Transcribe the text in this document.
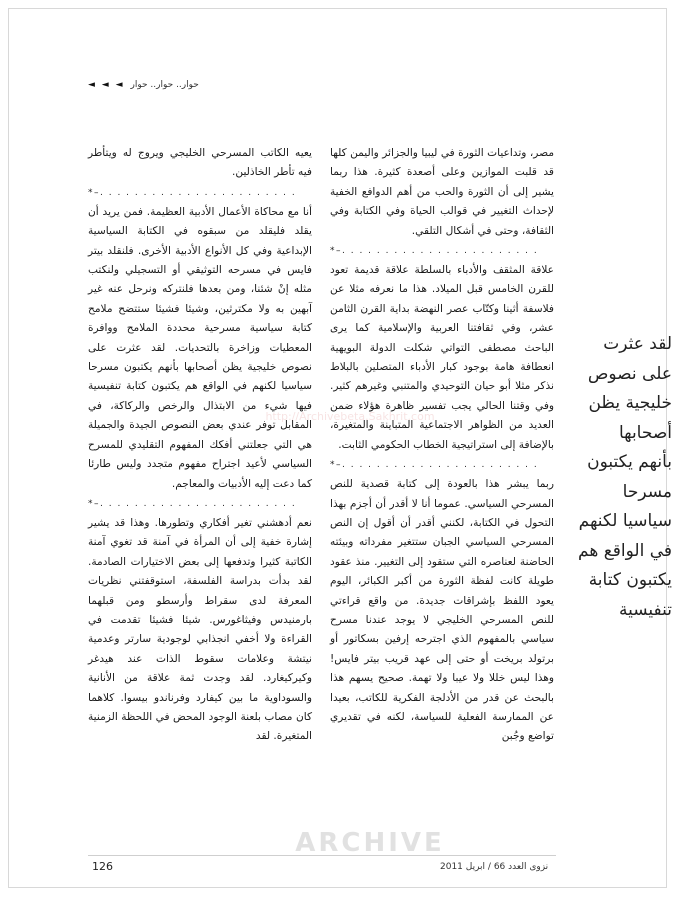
◄ ◄ ◄ حوار.. حوار.. حوار

يعيه الكاتب المسرحي الخليجي ويروج له ويتأطر فيه تأطر الخاذلين.

*–. . . . . . . . . . . . . . . . . . . . . . .

أنا مع محاكاة الأعمال الأدبية العظيمة. فمن يريد أن يقلد فليقلد من سبقوه في الكتابة السياسية الإبداعية وفي كل الأنواع الأدبية الأخرى. فلنقلد بيتر فايس في مسرحه التوثيقي أو التسجيلي ولنكتب مثله إنْ شئنا، ومن بعدها فلنتركه ونرحل عنه غير آبهين به ولا مكترثين، وشيئا فشيئا ستتضح ملامح كتابة سياسية مسرحية محددة الملامح ووافرة المعطيات وزاخرة بالتحديات. لقد عثرت على نصوص خليجية يظن أصحابها بأنهم يكتبون مسرحا سياسيا لكنهم في الواقع هم يكتبون كتابة تنفيسية فيها شيء من الابتذال والرخص والركاكة، في المقابل توفر عندي بعض النصوص الجيدة والجميلة هي التي جعلتني أفكك المفهوم التقليدي للمسرح السياسي لأعيد اجتراح مفهوم متجدد وليس طارئا كما دعت إليه الأدبيات والمعاجم.

*–. . . . . . . . . . . . . . . . . . . . . . .

نعم أدهشني تغير أفكاري وتطورها. وهذا قد يشير إشارة خفية إلى أن المرأة في آمنة قد تغوي آمنة الكاتبة كثيرا وتدفعها إلى بعض الاختيارات الصادمة. لقد بدأت بدراسة الفلسفة، استوقفتني نظريات المعرفة لدى سقراط وأرسطو ومن قبلهما بارمنيدس وفيثاغورس. شيئا فشيئا تقدمت في القراءة ولا أخفي انجذابي لوجودية سارتر وعدمية نيتشة وعلامات سقوط الذات عند هيدغر وكيركيغارد. لقد وجدت ثمة علاقة من الأنانية والسوداوية ما بين كيفارد وفرناندو بيسوا. كلاهما كان مصاب بلعنة الوجود المحض في اللحظة الزمنية المتغيرة. لقد

مصر، وتداعيات الثورة في ليبيا والجزائر واليمن كلها قد قلبت الموازين وعلى أصعدة كثيرة. هذا ربما يشير إلى أن الثورة والحب من أهم الدوافع الخفية لإحداث التغيير في قوالب الحياة وفي الكتابة وفي الثقافة، وحتى في أشكال التلقي.

*–. . . . . . . . . . . . . . . . . . . . . . .

علاقة المثقف والأدباء بالسلطة علاقة قديمة تعود للقرن الخامس قبل الميلاد. هذا ما نعرفه مثلا عن فلاسفة أثينا وكتّاب عصر النهضة بداية القرن الثامن عشر، وفي ثقافتنا العربية والإسلامية كما يرى الباحث مصطفى التواتي شكلت الدولة البويهية انعطافة هامة بوجود كبار الأدباء المتصلين بالبلاط نذكر مثلا أبو حيان التوحيدي والمتنبي وغيرهم كثير. وفي وقتنا الحالي يجب تفسير ظاهرة هؤلاء ضمن العديد من الظواهر الاجتماعية المتباينة والمتغيرة، بالإضافة إلى استراتيجية الخطاب الحكومي الثابت.

*–. . . . . . . . . . . . . . . . . . . . . . .

ربما يبشر هذا بالعودة إلى كتابة قصدية للنص المسرحي السياسي. عموما أنا لا أقدر أن أجزم بهذا التحول في الكتابة، لكنني أقدر أن أقول إن النص المسرحي السياسي الجبان ستتغير مفرداته وبيئته الحاضنة لعناصره التي ستقود إلى التغيير. منذ عقود طويلة كانت لفظة الثورة من أكبر الكبائر، اليوم يعود اللفظ بإشراقات جديدة. من واقع قراءتي للنص المسرحي الخليجي لا يوجد عندنا مسرح سياسي بالمفهوم الذي اجترحه إرفين بسكاتور أو برتولد بريخت أو حتى إلى عهد قريب بيتر فايس! وهذا ليس خللا ولا عيبا ولا تهمة. صحيح يسهم هذا بالبحث عن قدر من الأدلجة الفكرية للكاتب، بعيدا عن الممارسة الفعلية للسياسة، لكنه في تقديري تواضع وجُبن

لقد عثرت
على نصوص
خليجية يظن
أصحابها
بأنهم يكتبون
مسرحا
سياسيا لكنهم
في الواقع هم
يكتبون كتابة
تنفيسية
http://Archivebeta.Sakhrit.com
ARCHIVE
126	نزوى العدد 66 / ابريل 2011
